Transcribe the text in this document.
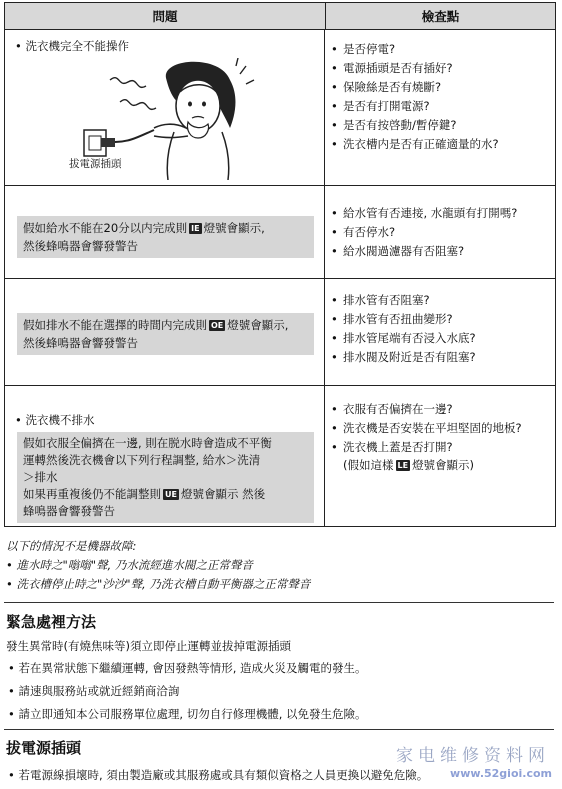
問題	檢查點
• 洗衣機完全不能操作
拔電源插頭
• 是否停電?
• 電源插頭是否有插好?
• 保險絲是否有燒斷?
• 是否有打開電源?
• 是否有按啓動/暫停鍵?
• 洗衣槽内是否有正確適量的水?
假如給水不能在20分以内完成則 IE 燈號會顯示,
然後蜂鳴器會響發警告
• 給水管有否連接, 水龍頭有打開嗎?
• 有否停水?
• 給水閥過濾器有否阻塞?
假如排水不能在選擇的時間内完成則 OE 燈號會顯示,
然後蜂鳴器會響發警告
• 排水管有否阻塞?
• 排水管有否扭曲變形?
• 排水管尾端有否浸入水底?
• 排水閥及附近是否有阻塞?
• 洗衣機不排水
假如衣服全偏擠在一邊, 則在脱水時會造成不平衡
運轉然後洗衣機會以下列行程調整, 給水＞洗清
＞排水
如果再重複後仍不能調整則 UE 燈號會顯示 然後
蜂鳴器會響發警告
• 衣服有否偏擠在一邊?
• 洗衣機是否安裝在平坦堅固的地板?
• 洗衣機上蓋是否打開?
(假如這樣 LE 燈號會顯示)
以下的情況不是機器故障:
• 進水時之"嗡嗡"聲, 乃水流經進水閥之正常聲音
• 洗衣槽停止時之"沙沙"聲, 乃洗衣槽自動平衡器之正常聲音
緊急處裡方法
發生異常時(有燒焦味等)須立即停止運轉並拔掉電源插頭
• 若在異常狀態下繼續運轉, 會因發熱等情形, 造成火災及觸電的發生。
• 請速與服務站或就近經銷商洽詢
• 請立即通知本公司服務單位處理, 切勿自行修理機體, 以免發生危險。
拔電源插頭
• 若電源線損壞時, 須由製造廠或其服務處或具有類似資格之人員更換以避免危險。
家电维修资料网
www.52gioi.com
